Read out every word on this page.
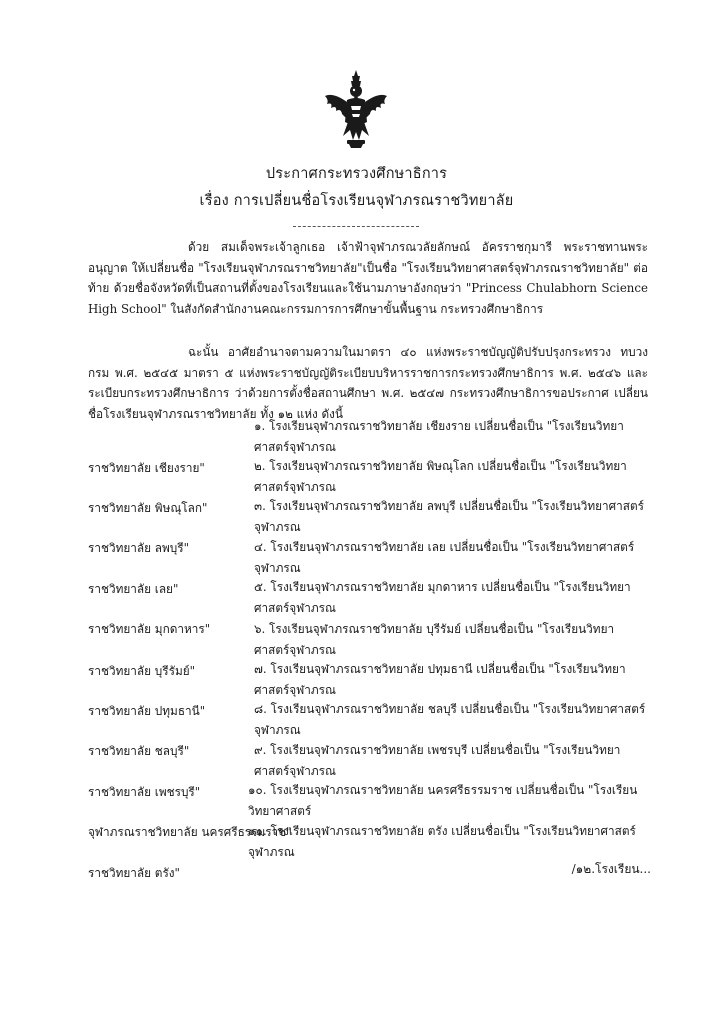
ประกาศกระทรวงศึกษาธิการ
เรื่อง การเปลี่ยนชื่อโรงเรียนจุฬาภรณราชวิทยาลัย
ด้วย สมเด็จพระเจ้าลูกเธอ เจ้าฟ้าจุฬาภรณวลัยลักษณ์ อัครราชกุมารี พระราชทานพระอนุญาต ให้เปลี่ยนชื่อ "โรงเรียนจุฬาภรณราชวิทยาลัย"เป็นชื่อ "โรงเรียนวิทยาศาสตร์จุฬาภรณราชวิทยาลัย" ต่อท้าย ด้วยชื่อจังหวัดที่เป็นสถานที่ตั้งของโรงเรียนและใช้นามภาษาอังกฤษว่า "Princess Chulabhorn Science High School" ในสังกัดสำนักงานคณะกรรมการการศึกษาขั้นพื้นฐาน กระทรวงศึกษาธิการ
ฉะนั้น อาศัยอำนาจตามความในมาตรา ๔๐ แห่งพระราชบัญญัติปรับปรุงกระทรวง ทบวง กรม พ.ศ. ๒๕๔๕ มาตรา ๕ แห่งพระราชบัญญัติระเบียบบริหารราชการกระทรวงศึกษาธิการ พ.ศ. ๒๕๔๖ และระเบียบกระทรวงศึกษาธิการ ว่าด้วยการตั้งชื่อสถานศึกษา พ.ศ. ๒๕๔๗ กระทรวงศึกษาธิการขอประกาศ เปลี่ยนชื่อโรงเรียนจุฬาภรณราชวิทยาลัย ทั้ง ๑๒ แห่ง ดังนี้
๑. โรงเรียนจุฬาภรณราชวิทยาลัย เชียงราย เปลี่ยนชื่อเป็น "โรงเรียนวิทยาศาสตร์จุฬาภรณ
ราชวิทยาลัย เชียงราย"	๒. โรงเรียนจุฬาภรณราชวิทยาลัย พิษณุโลก เปลี่ยนชื่อเป็น "โรงเรียนวิทยาศาสตร์จุฬาภรณ
ราชวิทยาลัย พิษณุโลก"	๓. โรงเรียนจุฬาภรณราชวิทยาลัย ลพบุรี เปลี่ยนชื่อเป็น "โรงเรียนวิทยาศาสตร์จุฬาภรณ
ราชวิทยาลัย ลพบุรี"	๔. โรงเรียนจุฬาภรณราชวิทยาลัย เลย เปลี่ยนชื่อเป็น "โรงเรียนวิทยาศาสตร์จุฬาภรณ
ราชวิทยาลัย เลย"	๕. โรงเรียนจุฬาภรณราชวิทยาลัย มุกดาหาร เปลี่ยนชื่อเป็น "โรงเรียนวิทยาศาสตร์จุฬาภรณ
ราชวิทยาลัย มุกดาหาร"	๖. โรงเรียนจุฬาภรณราชวิทยาลัย บุรีรัมย์ เปลี่ยนชื่อเป็น "โรงเรียนวิทยาศาสตร์จุฬาภรณ
ราชวิทยาลัย บุรีรัมย์"	๗. โรงเรียนจุฬาภรณราชวิทยาลัย ปทุมธานี เปลี่ยนชื่อเป็น "โรงเรียนวิทยาศาสตร์จุฬาภรณ
ราชวิทยาลัย ปทุมธานี"	๘. โรงเรียนจุฬาภรณราชวิทยาลัย ชลบุรี เปลี่ยนชื่อเป็น "โรงเรียนวิทยาศาสตร์จุฬาภรณ
ราชวิทยาลัย ชลบุรี"	๙. โรงเรียนจุฬาภรณราชวิทยาลัย เพชรบุรี เปลี่ยนชื่อเป็น "โรงเรียนวิทยาศาสตร์จุฬาภรณ
ราชวิทยาลัย เพชรบุรี"	๑๐. โรงเรียนจุฬาภรณราชวิทยาลัย นครศรีธรรมราช เปลี่ยนชื่อเป็น "โรงเรียนวิทยาศาสตร์
จุฬาภรณราชวิทยาลัย นครศรีธรรมราช"
๑๑. โรงเรียนจุฬาภรณราชวิทยาลัย ตรัง เปลี่ยนชื่อเป็น "โรงเรียนวิทยาศาสตร์จุฬาภรณ
ราชวิทยาลัย ตรัง"	/๑๒.โรงเรียน...
